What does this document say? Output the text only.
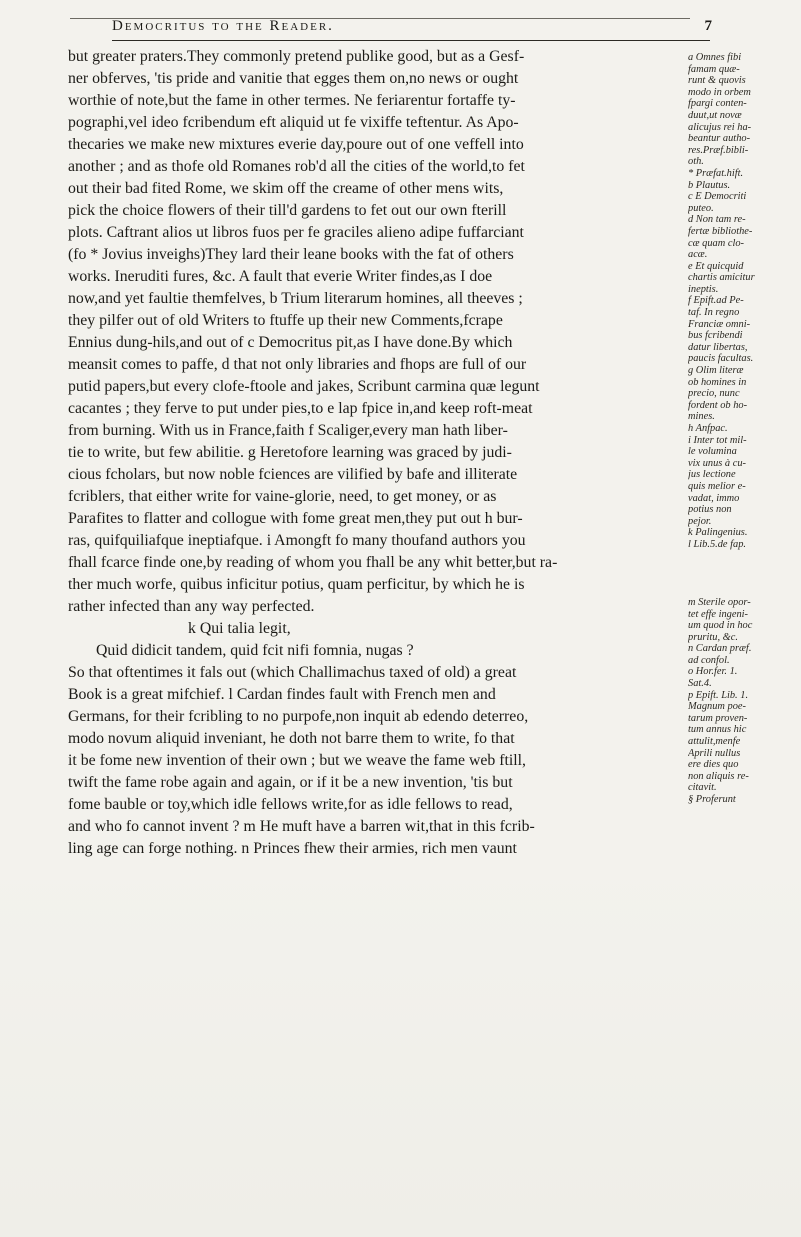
Democritus to the Reader.	7
but greater praters.They commonly pretend publike good, but as a Gesf-
ner obferves, 'tis pride and vanitie that egges them on,no news or ought
worthie of note,but the fame in other termes. Ne feriarentur fortaffe ty-
pographi,vel ideo fcribendum eft aliquid ut fe vixiffe teftentur. As Apo-
thecaries we make new mixtures everie day,poure out of one veffell into
another ; and as thofe old Romanes rob'd all the cities of the world,to fet
out their bad fited Rome, we skim off the creame of other mens wits,
pick the choice flowers of their till'd gardens to fet out our own fterill
plots. Caftrant alios ut libros fuos per fe graciles alieno adipe fuffarciant
(fo * Jovius inveighs)They lard their leane books with the fat of others
works. Ineruditi fures, &c. A fault that everie Writer findes,as I doe
now,and yet faultie themfelves, b Trium literarum homines, all theeves ;
they pilfer out of old Writers to ftuffe up their new Comments,fcrape
Ennius dung-hils,and out of c Democritus pit,as I have done.By which
meansit comes to paffe, d that not only libraries and fhops are full of our
putid papers,but every clofe-ftoole and jakes, Scribunt carmina quæ legunt
cacantes ; they ferve to put under pies,to e lap fpice in,and keep roft-meat
from burning. With us in France,faith f Scaliger,every man hath liber-
tie to write, but few abilitie. g Heretofore learning was graced by judi-
cious fcholars, but now noble fciences are vilified by bafe and illiterate
fcriblers, that either write for vaine-glorie, need, to get money, or as
Parafites to flatter and collogue with fome great men,they put out h bur-
ras, quifquiliafque ineptiafque. i Amongft fo many thoufand authors you
fhall fcarce finde one,by reading of whom you fhall be any whit better,but ra-
ther much worfe, quibus inficitur potius, quam perficitur, by which he is
rather infected than any way perfected.
k Qui talia legit,
Quid didicit tandem, quid fcit nifi fomnia, nugas ?
So that oftentimes it fals out (which Challimachus taxed of old) a great
Book is a great mifchief. l Cardan findes fault with French men and
Germans, for their fcribling to no purpofe,non inquit ab edendo deterreo,
modo novum aliquid inveniant, he doth not barre them to write, fo that
it be fome new invention of their own ; but we weave the fame web ftill,
twift the fame robe again and again, or if it be a new invention, 'tis but
fome bauble or toy,which idle fellows write,for as idle fellows to read,
and who fo cannot invent ? m He muft have a barren wit,that in this fcrib-
ling age can forge nothing. n Princes fhew their armies, rich men vaunt
a Omnes fibi
famam quæ-
runt & quovis
modo in orbem
fpargi conten-
duut,ut novæ
alicujus rei ha-
beantur autho-
res.Præf.bibli-
oth.
* Præfat.hift.
b Plautus.
c E Democriti
puteo.
d Non tam re-
fertæ bibliothe-
cæ quam clo-
acæ.
e Et quicquid
chartis amicitur
ineptis.
f Epift.ad Pe-
taf. In regno
Franciæ omni-
bus fcribendi
datur libertas,
paucis facultas.
g Olim literæ
ob homines in
precio, nunc
fordent ob ho-
mines.
h Anfpac.
i Inter tot mil-
le volumina
vix unus à cu-
jus lectione
quis melior e-
vadat, immo
potius non
pejor.
k Palingenius.
l Lib.5.de fap.

m Sterile opor-
tet effe ingeni-
um quod in hoc
pruritu, &c.
n Cardan præf.
ad confol.
o Hor.fer. 1.
Sat.4.
p Epift. Lib. 1.
Magnum poe-
tarum proven-
tum annus hic
attulit,menfe
Aprili nullus
ere dies quo
non aliquis re-
citavit.
§ Proferunt
